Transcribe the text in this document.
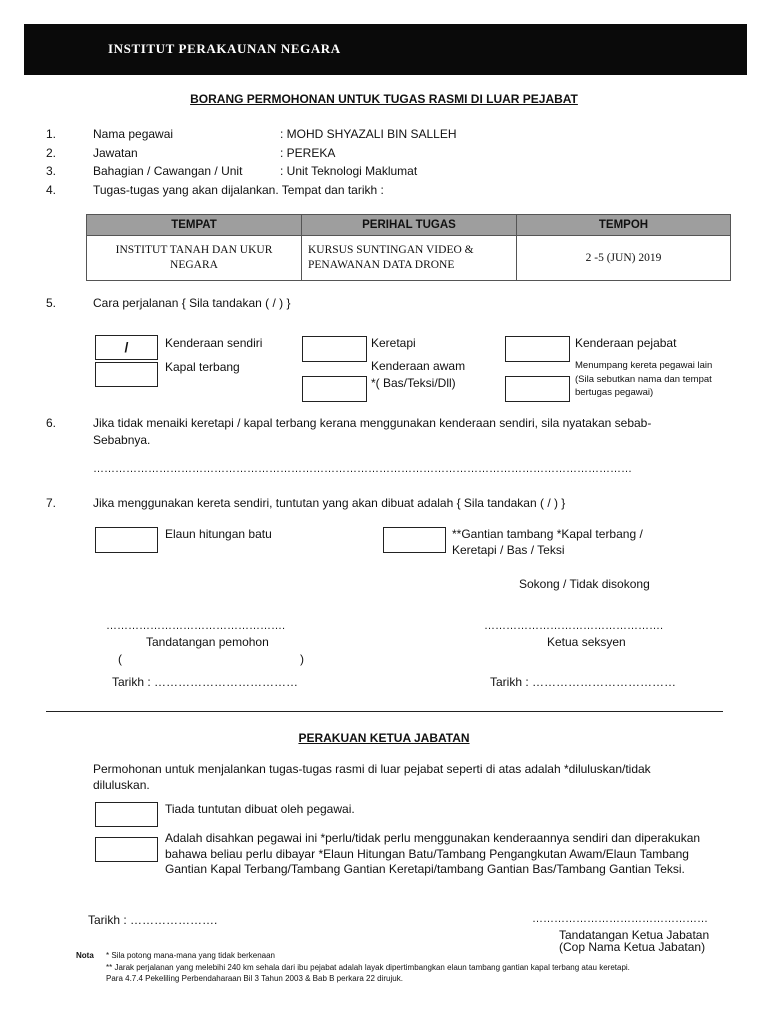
INSTITUT PERAKAUNAN NEGARA
BORANG PERMOHONAN UNTUK TUGAS RASMI DI LUAR PEJABAT
1.	Nama pegawai	: MOHD SHYAZALI BIN SALLEH
2.	Jawatan	: PEREKA
3.	Bahagian / Cawangan / Unit	: Unit Teknologi Maklumat
4.	Tugas-tugas yang akan dijalankan. Tempat dan tarikh :
TEMPAT	PERIHAL TUGAS	TEMPOH
INSTITUT TANAH DAN UKUR NEGARA	KURSUS SUNTINGAN VIDEO & PENAWANAN DATA DRONE	2 -5 (JUN) 2019
5.	Cara perjalanan { Sila tandakan ( / ) }
/	Kenderaan sendiri
Kapal terbang
Keretapi
Kenderaan awam
*( Bas/Teksi/Dll)
Kenderaan pejabat
Menumpang kereta pegawai lain
(Sila sebutkan nama dan tempat
bertugas pegawai)
6.	Jika tidak menaiki keretapi / kapal terbang kerana menggunakan kenderaan sendiri, sila nyatakan sebab-
Sebabnya.
…………………………………………………………………………………………………………………………………
7.	Jika menggunakan kereta sendiri, tuntutan yang akan dibuat adalah { Sila tandakan ( / ) }
Elaun hitungan batu	**Gantian tambang *Kapal terbang /
Keretapi / Bas / Teksi
Sokong / Tidak disokong
………………………………………….	………………………………………….
Tandatangan pemohon	Ketua seksyen
(	)
Tarikh : ………………………………	Tarikh : ………………………………
PERAKUAN KETUA JABATAN
Permohonan untuk menjalankan tugas-tugas rasmi di luar pejabat seperti di atas adalah *diluluskan/tidak
diluluskan.
Tiada tuntutan dibuat oleh pegawai.
Adalah disahkan pegawai ini *perlu/tidak perlu menggunakan kenderaannya sendiri dan diperakukan
bahawa beliau perlu dibayar *Elaun Hitungan Batu/Tambang Pengangkutan Awam/Elaun Tambang
Gantian Kapal Terbang/Tambang Gantian Keretapi/tambang Gantian Bas/Tambang Gantian Teksi.
Tarikh : ………………….	…………………………………………
Tandatangan Ketua Jabatan
(Cop Nama Ketua Jabatan)
Nota * Sila potong mana-mana yang tidak berkenaan
** Jarak perjalanan yang melebihi 240 km sehala dari ibu pejabat adalah layak dipertimbangkan elaun tambang gantian kapal terbang atau keretapi.
Para 4.7.4 Pekeliling Perbendaharaan Bil 3 Tahun 2003 & Bab B perkara 22 dirujuk.
